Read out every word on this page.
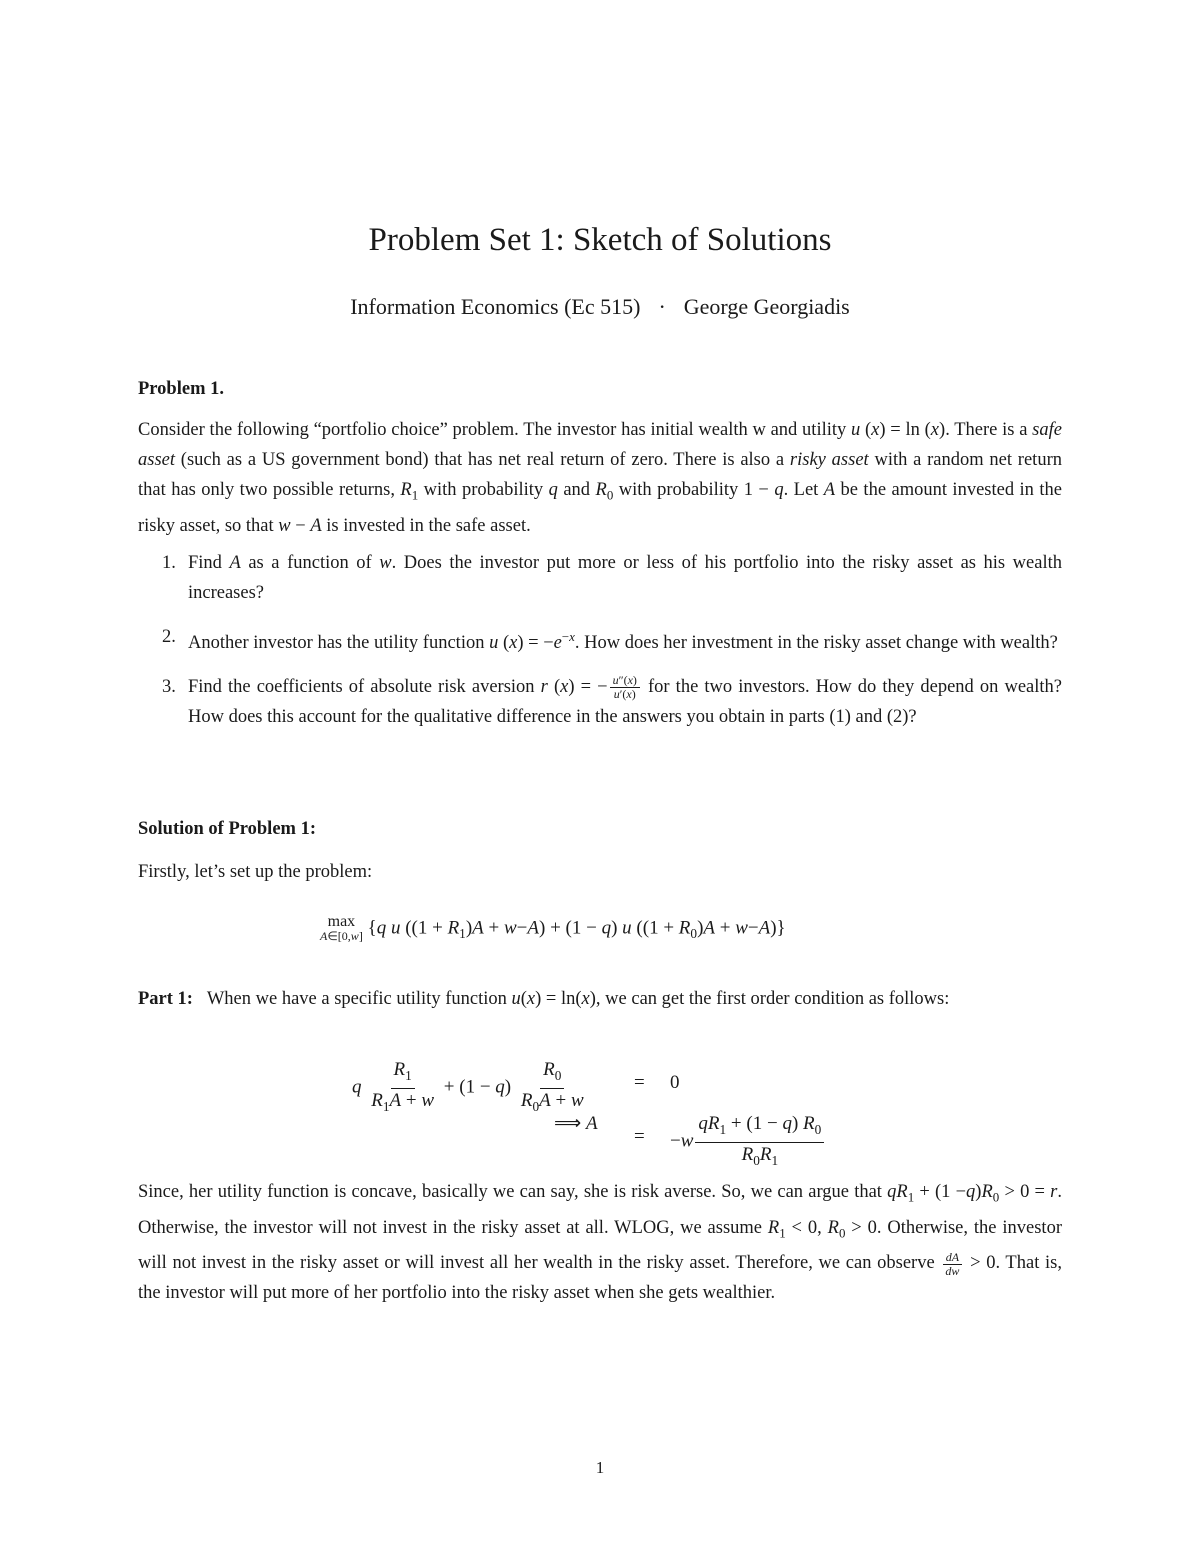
Problem Set 1: Sketch of Solutions
Information Economics (Ec 515) · George Georgiadis
Problem 1.
Consider the following “portfolio choice” problem. The investor has initial wealth w and utility u (x) = ln (x). There is a safe asset (such as a US government bond) that has net real return of zero. There is also a risky asset with a random net return that has only two possible returns, $R_1$ with probability q and $R_0$ with probability 1 − q. Let A be the amount invested in the risky asset, so that w − A is invested in the safe asset.
1. Find A as a function of w. Does the investor put more or less of his portfolio into the risky asset as his wealth increases?
2. Another investor has the utility function u $(x) = -e^{-x}$. How does her investment in the risky asset change with wealth?
3. Find the coefficients of absolute risk aversion r (x) = − $\frac{u''(x)}{u'(x)}$ for the two investors. How do they depend on wealth? How does this account for the qualitative difference in the answers you obtain in parts (1) and (2)?
Solution of Problem 1:
Firstly, let’s set up the problem:
max
A∈[0,w] {q u $((1 + R_1)A + w-A) + (1 - q)$ u $((1 + R_0)A + w-A)$}
Part 1: When we have a specific utility function u(x) = ln(x), we can get the first order condition as follows:
q $\frac{R_1}{R_1A + w} + (1 - q) \frac{R_0}{R_0A + w} = 0$
⟹ A
= $-w \frac{qR_1 + (1 - q) R_0}{R_0R_1}$
Since, her utility function is concave, basically we can say, she is risk averse. So, we can argue that $qR_1 + (1 -q)R_0 > 0 = r$. Otherwise, the investor will not invest in the risky asset at all. WLOG, we assume $R_1 < 0$, $R_0 > 0$. Otherwise, the investor will not invest in the risky asset or will invest all her wealth in the risky asset. Therefore, we can observe $\frac{dA}{dw} > 0$. That is, the investor will put more of her portfolio into the risky asset when she gets wealthier.
1
